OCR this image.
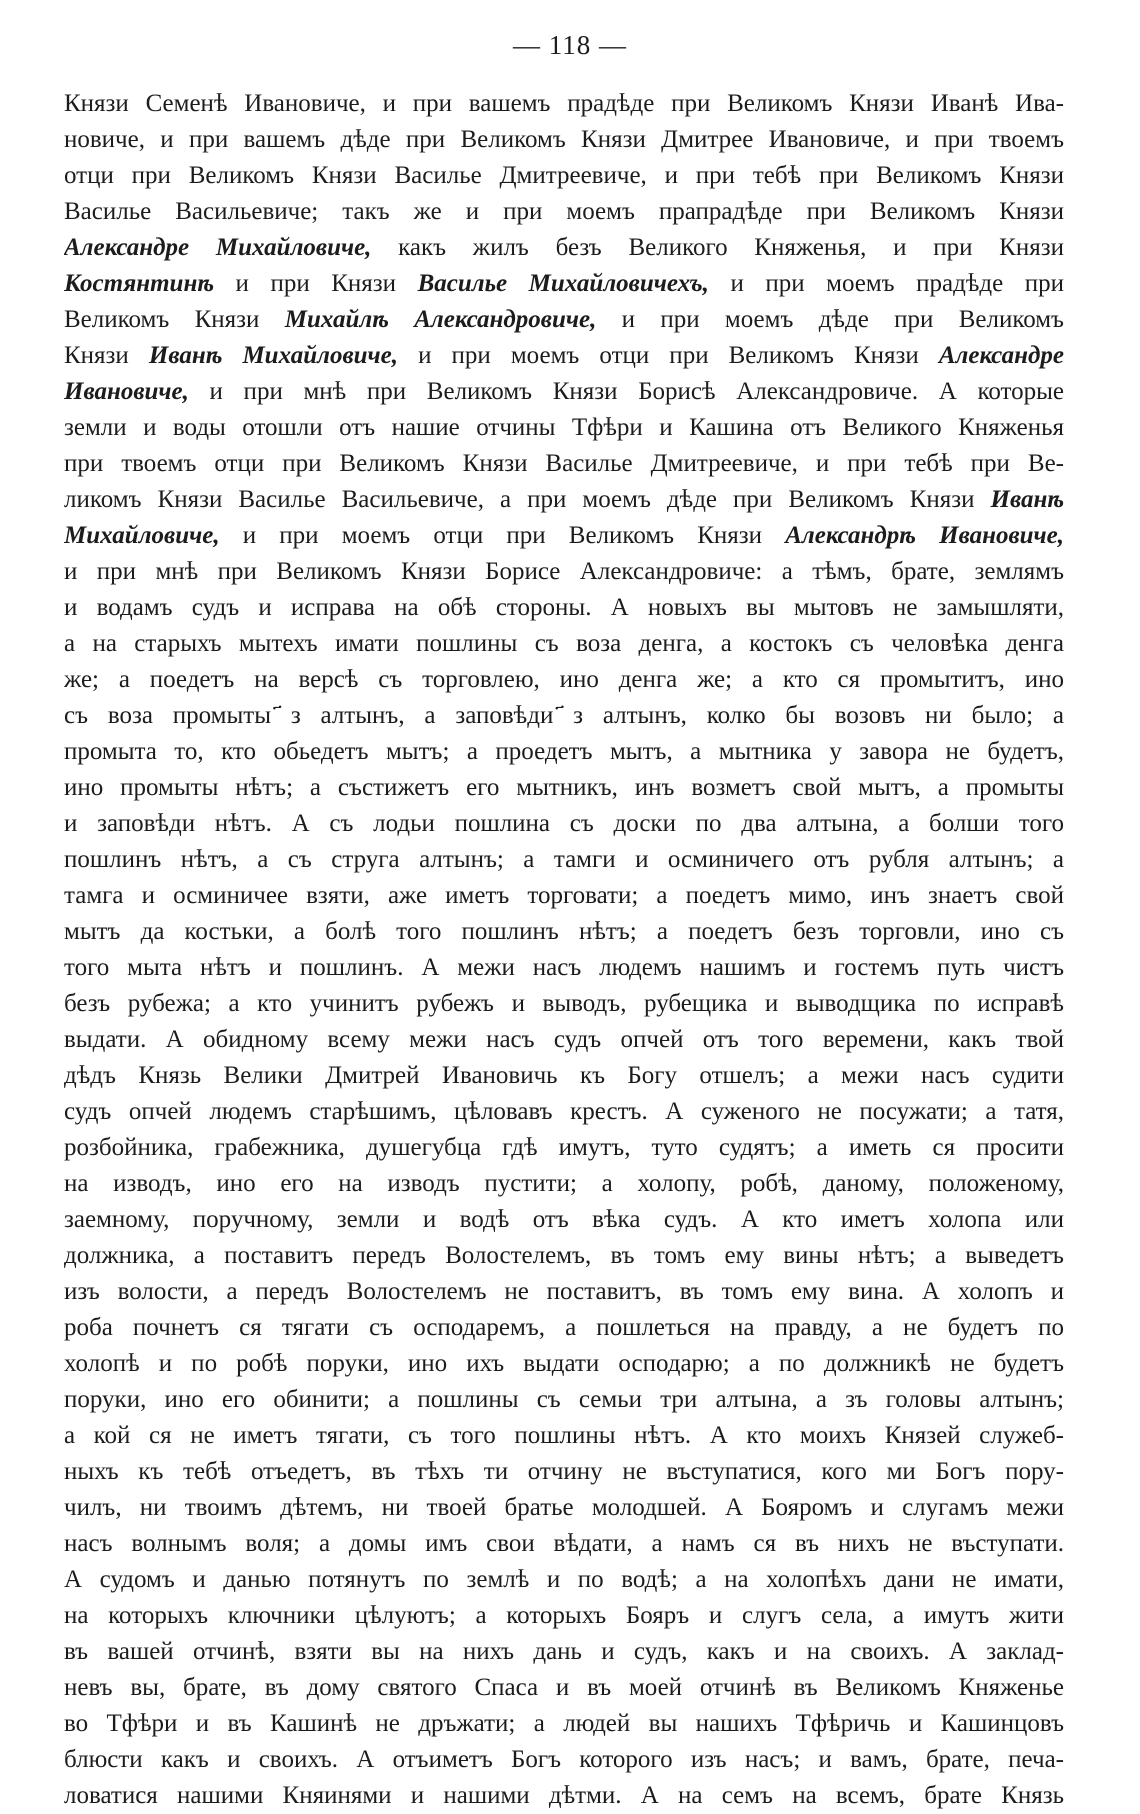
— 118 —
Князи Семенѣ Ивановиче, и при вашемъ прадѣде при Великомъ Князи Иванѣ Ива-
новиче, и при вашемъ дѣде при Великомъ Князи Дмитрее Ивановиче, и при твоемъ
отци при Великомъ Князи Василье Дмитреевиче, и при тебѣ при Великомъ Князи
Василье Васильевиче; такъ же и при моемъ прапрадѣде при Великомъ Князи
Александре Михайловиче, какъ жилъ безъ Великого Княженья, и при Князи
Костянтинѣ и при Князи Василье Михайловичехъ, и при моемъ прадѣде при
Великомъ Князи Михайлѣ Александровиче, и при моемъ дѣде при Великомъ
Князи Иванѣ Михайловиче, и при моемъ отци при Великомъ Князи Александре
Ивановиче, и при мнѣ при Великомъ Князи Борисѣ Александровиче. А которые
земли и воды отошли отъ нашие отчины Тфѣри и Кашина отъ Великого Княженья
при твоемъ отци при Великомъ Князи Василье Дмитреевиче, и при тебѣ при Ве-
ликомъ Князи Василье Васильевиче, а при моемъ дѣде при Великомъ Князи Иванѣ
Михайловиче, и при моемъ отци при Великомъ Князи Александрѣ Ивановиче,
и при мнѣ при Великомъ Князи Борисе Александровиче: а тѣмъ, брате, землямъ
и водамъ судъ и исправа на обѣ стороны. А новыхъ вы мытовъ не замышляти,
а на старыхъ мытехъ имати пошлины съ воза денга, а костокъ съ человѣка денга
же; а поедетъ на версѣ съ торговлею, ино денга же; а кто ся промытитъ, ино
съ воза промыты ҃з алтынъ, а заповѣди ҃з алтынъ, колко бы возовъ ни было; а
промыта то, кто обьедетъ мытъ; а проедетъ мытъ, а мытника у завора не будетъ,
ино промыты нѣтъ; а състижетъ его мытникъ, инъ возметъ свой мытъ, а промыты
и заповѣди нѣтъ. А съ лодьи пошлина съ доски по два алтына, а болши того
пошлинъ нѣтъ, а съ струга алтынъ; а тамги и осминичего отъ рубля алтынъ; а
тамга и осминичее взяти, аже иметъ торговати; а поедетъ мимо, инъ знаетъ свой
мытъ да костьки, а болѣ того пошлинъ нѣтъ; а поедетъ безъ торговли, ино съ
того мыта нѣтъ и пошлинъ. А межи насъ людемъ нашимъ и гостемъ путь чистъ
безъ рубежа; а кто учинитъ рубежъ и выводъ, рубещика и выводщика по исправѣ
выдати. А обидному всему межи насъ судъ опчей отъ того веремени, какъ твой
дѣдъ Князь Велики Дмитрей Ивановичь къ Богу отшелъ; а межи насъ судити
судъ опчей людемъ старѣшимъ, цѣловавъ крестъ. А суженого не посужати; а татя,
розбойника, грабежника, душегубца гдѣ имутъ, туто судятъ; а иметь ся просити
на изводъ, ино его на изводъ пустити; а холопу, робѣ, даному, положеному,
заемному, поручному, земли и водѣ отъ вѣка судъ. А кто иметъ холопа или
должника, а поставитъ передъ Волостелемъ, въ томъ ему вины нѣтъ; а выведетъ
изъ волости, а передъ Волостелемъ не поставитъ, въ томъ ему вина. А холопъ и
роба почнетъ ся тягати съ осподаремъ, а пошлеться на правду, а не будетъ по
холопѣ и по робѣ поруки, ино ихъ выдати осподарю; а по должникѣ не будетъ
поруки, ино его обинити; а пошлины съ семьи три алтына, а зъ головы алтынъ;
а кой ся не иметъ тягати, съ того пошлины нѣтъ. А кто моихъ Князей служеб-
ныхъ къ тебѣ отъедетъ, въ тѣхъ ти отчину не въступатися, кого ми Богъ пору-
чилъ, ни твоимъ дѣтемъ, ни твоей братье молодшей. А Бояромъ и слугамъ межи
насъ волнымъ воля; а домы имъ свои вѣдати, а намъ ся въ нихъ не въступати.
А судомъ и данью потянутъ по землѣ и по водѣ; а на холопѣхъ дани не имати,
на которыхъ ключники цѣлуютъ; а которыхъ Бояръ и слугъ села, а имутъ жити
въ вашей отчинѣ, взяти вы на нихъ дань и судъ, какъ и на своихъ. А заклад-
невъ вы, брате, въ дому святого Спаса и въ моей отчинѣ въ Великомъ Княженье
во Тфѣри и въ Кашинѣ не дръжати; а людей вы нашихъ Тфѣричь и Кашинцовъ
блюсти какъ и своихъ. А отъиметъ Богъ которого изъ насъ; и вамъ, брате, печа-
ловатися нашими Княинями и нашими дѣтми. А на семъ на всемъ, брате Князь
